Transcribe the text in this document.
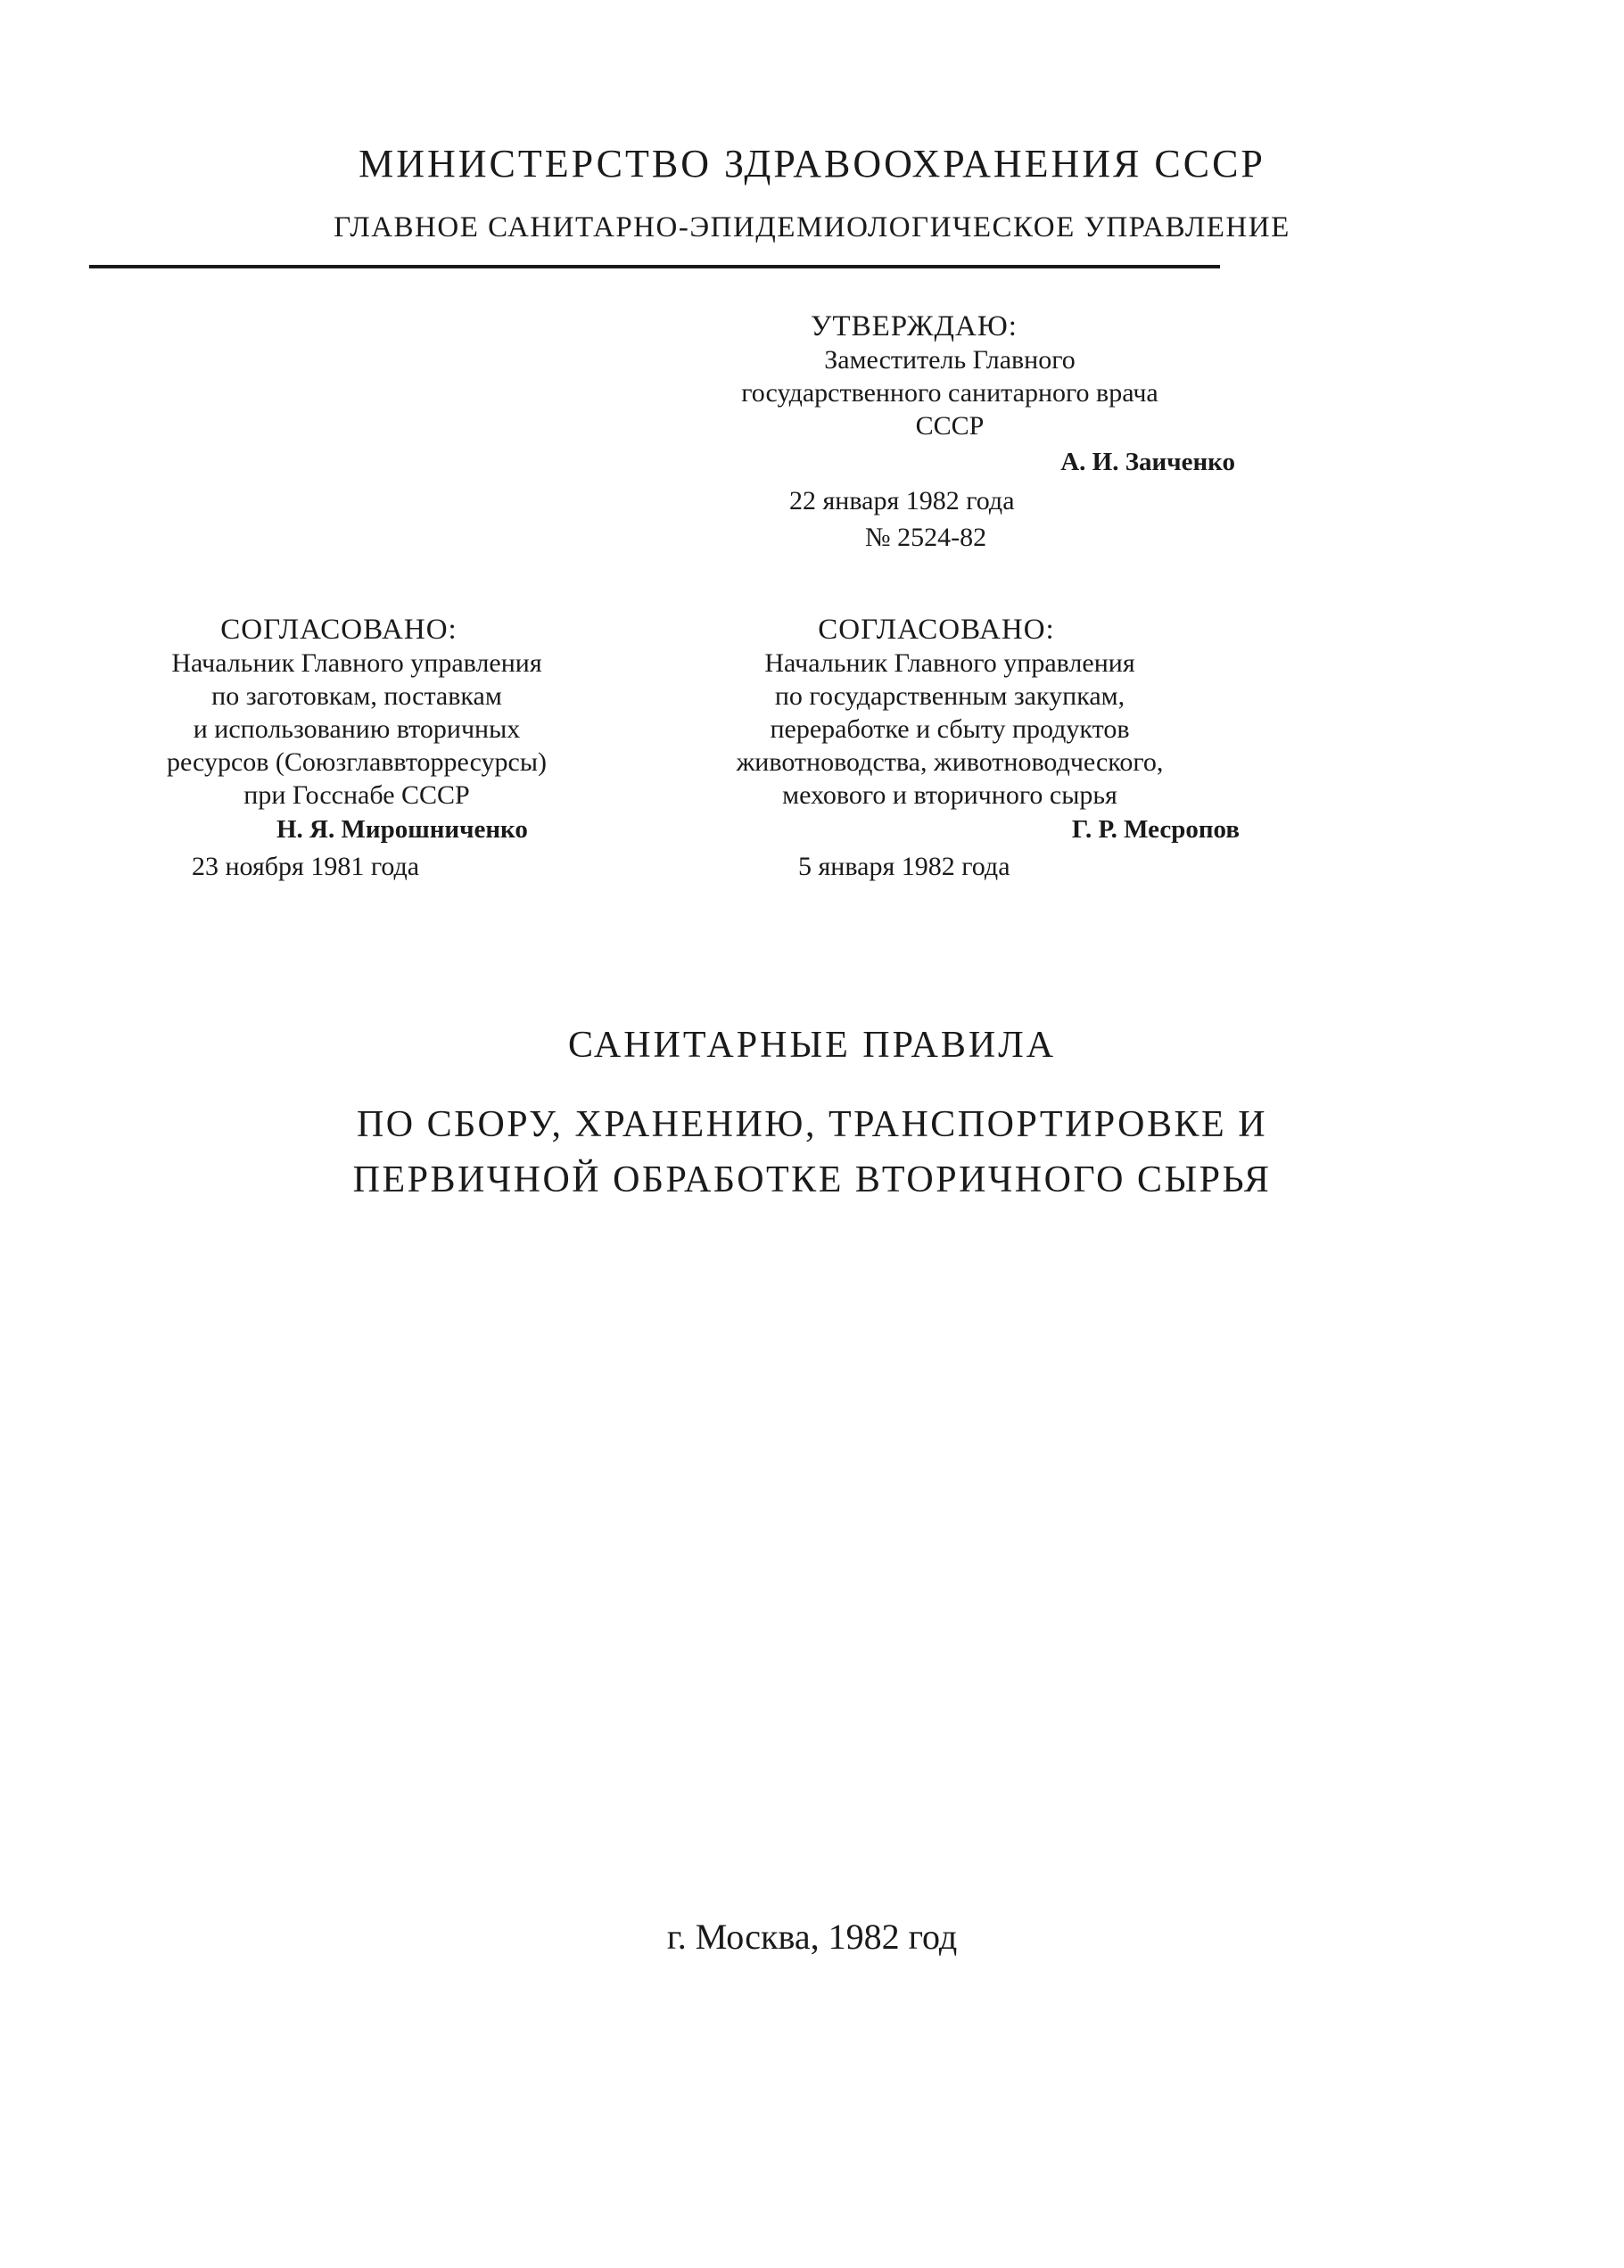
МИНИСТЕРСТВО ЗДРАВООХРАНЕНИЯ СССР
ГЛАВНОЕ САНИТАРНО-ЭПИДЕМИОЛОГИЧЕСКОЕ УПРАВЛЕНИЕ
УТВЕРЖДАЮ:
Заместитель Главного
государственного санитарного врача
СССР
А. И. Заиченко
22 января 1982 года
№ 2524-82
СОГЛАСОВАНО:
Начальник Главного управления
по заготовкам, поставкам
и использованию вторичных
ресурсов (Союзглаввторресурсы)
при Госснабе СССР
Н. Я. Мирошниченко
23 ноября 1981 года
СОГЛАСОВАНО:
Начальник Главного управления
по государственным закупкам,
переработке и сбыту продуктов
животноводства, животноводческого,
мехового и вторичного сырья
Г. Р. Месропов
5 января 1982 года
САНИТАРНЫЕ ПРАВИЛА
ПО СБОРУ, ХРАНЕНИЮ, ТРАНСПОРТИРОВКЕ И
ПЕРВИЧНОЙ ОБРАБОТКЕ ВТОРИЧНОГО СЫРЬЯ
г. Москва, 1982 год
